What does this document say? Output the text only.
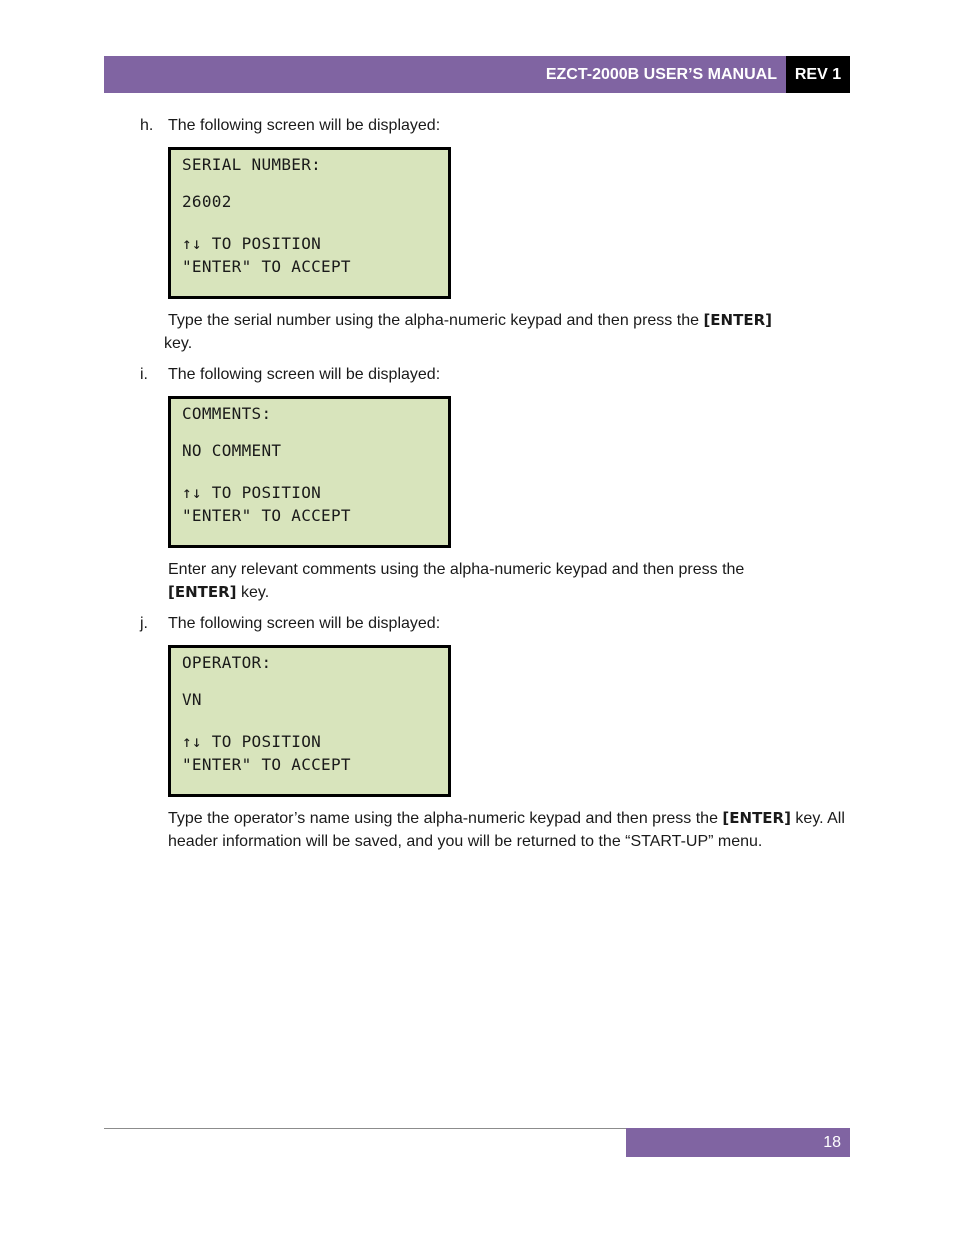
EZCT-2000B USER’S MANUAL REV 1
h. The following screen will be displayed:
SERIAL NUMBER:
26002
↑↓ TO POSITION
"ENTER" TO ACCEPT
Type the serial number using the alpha-numeric keypad and then press the [ENTER]
key.
i. The following screen will be displayed:
COMMENTS:
NO COMMENT
↑↓ TO POSITION
"ENTER" TO ACCEPT
Enter any relevant comments using the alpha-numeric keypad and then press the
[ENTER] key.
j. The following screen will be displayed:
OPERATOR:
VN
↑↓ TO POSITION
"ENTER" TO ACCEPT
Type the operator’s name using the alpha-numeric keypad and then press the [ENTER] key. All header information will be saved, and you will be returned to the “START-UP” menu.
18
